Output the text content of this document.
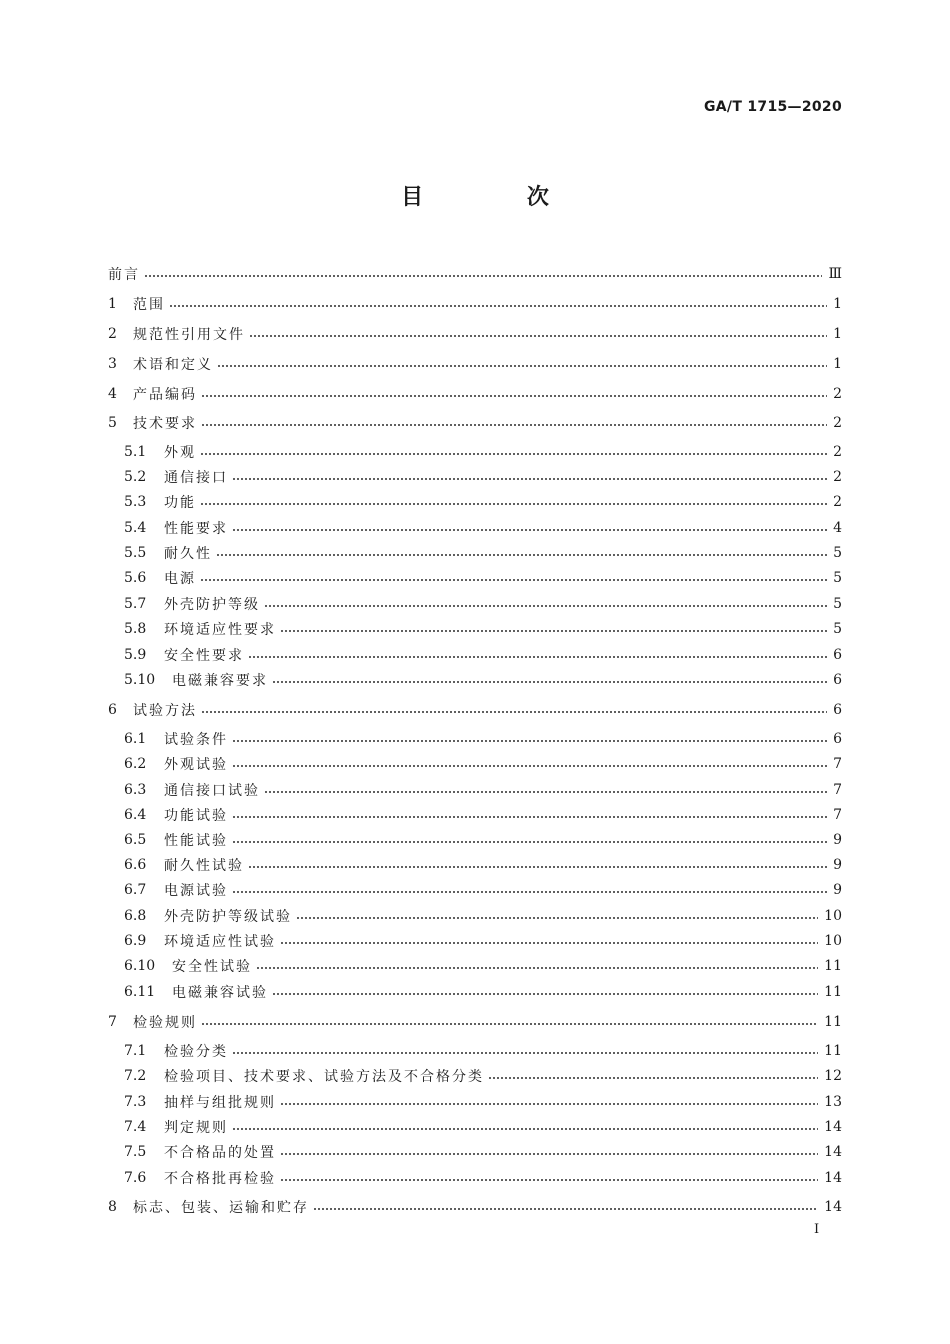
GA/T 1715—2020
目 次
前言	Ⅲ
1	范围	1
2	规范性引用文件	1
3	术语和定义	1
4	产品编码	2
5	技术要求	2
5.1	外观	2
5.2	通信接口	2
5.3	功能	2
5.4	性能要求	4
5.5	耐久性	5
5.6	电源	5
5.7	外壳防护等级	5
5.8	环境适应性要求	5
5.9	安全性要求	6
5.10	电磁兼容要求	6
6	试验方法	6
6.1	试验条件	6
6.2	外观试验	7
6.3	通信接口试验	7
6.4	功能试验	7
6.5	性能试验	9
6.6	耐久性试验	9
6.7	电源试验	9
6.8	外壳防护等级试验	10
6.9	环境适应性试验	10
6.10	安全性试验	11
6.11	电磁兼容试验	11
7	检验规则	11
7.1	检验分类	11
7.2	检验项目、技术要求、试验方法及不合格分类	12
7.3	抽样与组批规则	13
7.4	判定规则	14
7.5	不合格品的处置	14
7.6	不合格批再检验	14
8	标志、包装、运输和贮存	14
I
